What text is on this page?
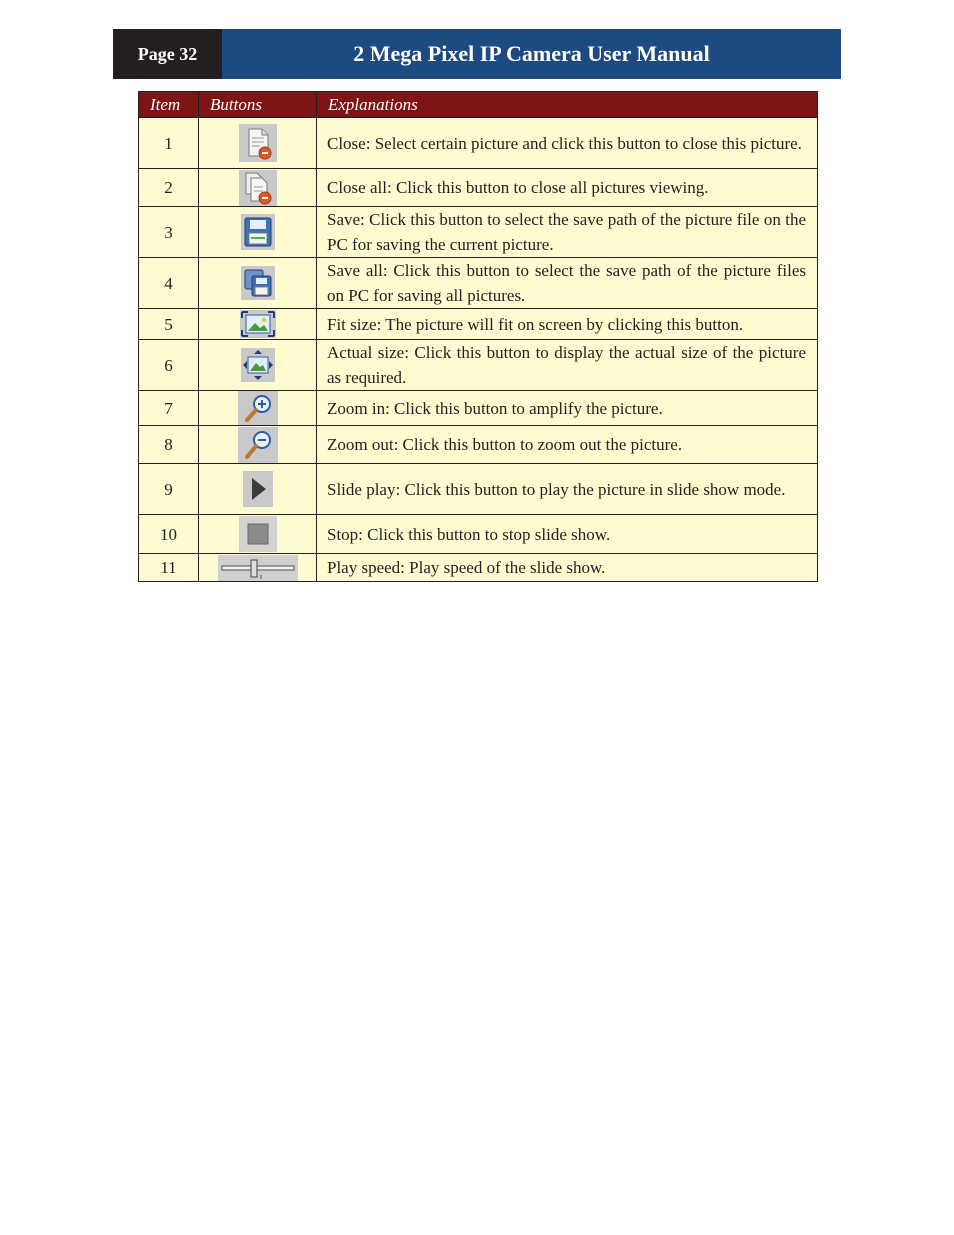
Page 32	2 Mega Pixel IP Camera User Manual
Item	Buttons	Explanations
1		Close: Select certain picture and click this button to close this picture.
2		Close all: Click this button to close all pictures viewing.
3		Save: Click this button to select the save path of the picture file on the PC for saving the current picture.
4		Save all: Click this button to select the save path of the picture files on PC for saving all pictures.
5		Fit size: The picture will fit on screen by clicking this button.
6		Actual size: Click this button to display the actual size of the picture as required.
7		Zoom in: Click this button to amplify the picture.
8		Zoom out: Click this button to zoom out the picture.
9		Slide play: Click this button to play the picture in slide show mode.
10		Stop: Click this button to stop slide show.
11		Play speed: Play speed of the slide show.
